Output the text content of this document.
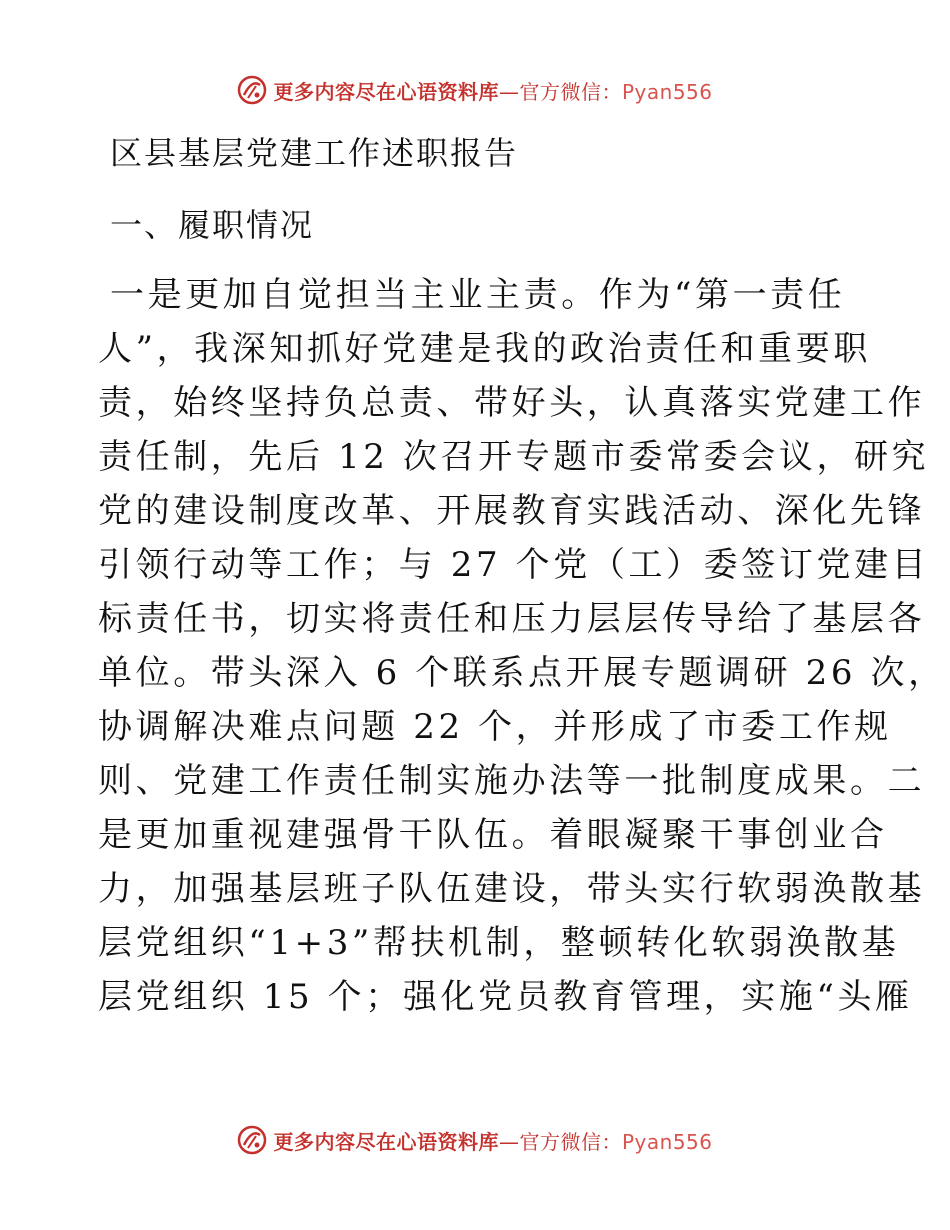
更多内容尽在心语资料库—官方微信：Pyan556
区县基层党建工作述职报告
一、履职情况
一是更加自觉担当主业主责。作为“第一责任
人”，我深知抓好党建是我的政治责任和重要职
责，始终坚持负总责、带好头，认真落实党建工作
责任制，先后 12 次召开专题市委常委会议，研究
党的建设制度改革、开展教育实践活动、深化先锋
引领行动等工作；与 27 个党（工）委签订党建目
标责任书，切实将责任和压力层层传导给了基层各
单位。带头深入 6 个联系点开展专题调研 26 次，
协调解决难点问题 22 个，并形成了市委工作规
则、党建工作责任制实施办法等一批制度成果。二
是更加重视建强骨干队伍。着眼凝聚干事创业合
力，加强基层班子队伍建设，带头实行软弱涣散基
层党组织“1+3”帮扶机制，整顿转化软弱涣散基
层党组织 15 个；强化党员教育管理，实施“头雁
更多内容尽在心语资料库—官方微信：Pyan556
